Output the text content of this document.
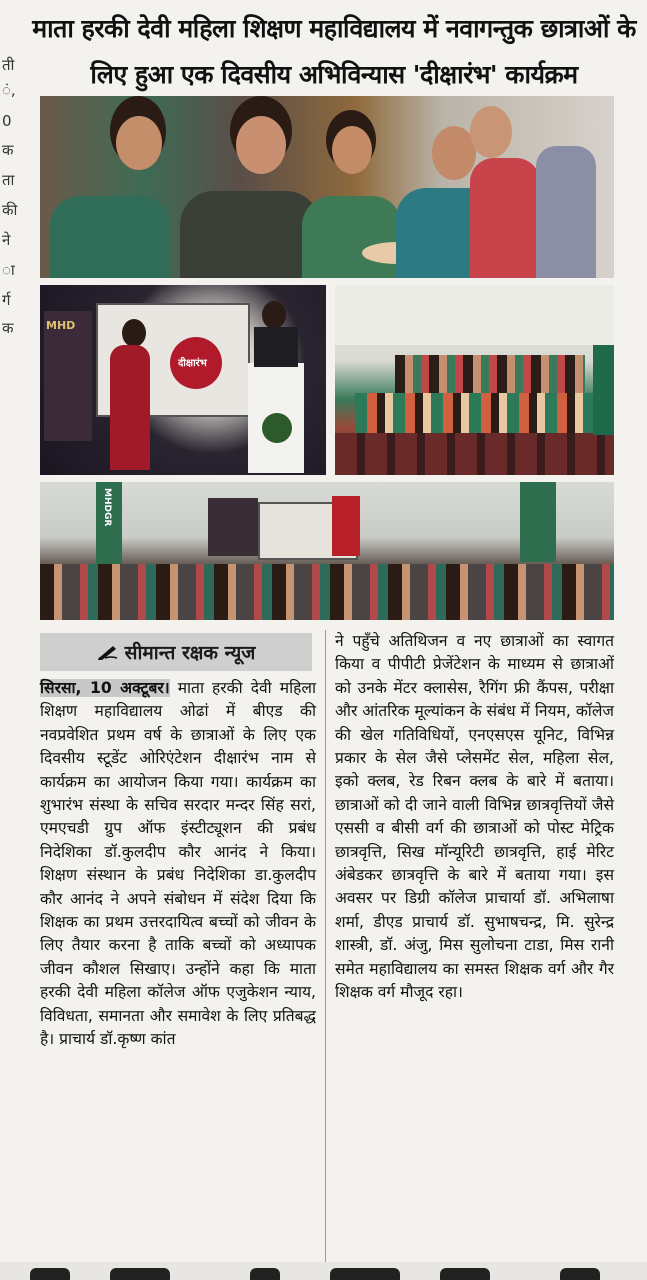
ती
ं,
0
क
ता
की
ने
ा
र्ग
क
माता हरकी देवी महिला शिक्षण महाविद्यालय में नवागन्तुक छात्राओं के
लिए हुआ एक दिवसीय अभिविन्यास 'दीक्षारंभ' कार्यक्रम
MHD
दीक्षारंभ
MHDGR
सीमान्त रक्षक न्यूज

सिरसा, 10 अक्टूबर। माता हरकी देवी महिला शिक्षण महाविद्यालय ओढां में बीएड की नवप्रवेशित प्रथम वर्ष के छात्राओं के लिए एक दिवसीय स्टूडेंट ओरिएंटेशन दीक्षारंभ नाम से कार्यक्रम का आयोजन किया गया। कार्यक्रम का शुभारंभ संस्था के सचिव सरदार मन्दर सिंह सरां, एमएचडी ग्रुप ऑफ इंस्टीट्यूशन की प्रबंध निदेशिका डॉ.कुलदीप कौर आनंद ने किया। शिक्षण संस्थान के प्रबंध निदेशिका डा.कुलदीप कौर आनंद ने अपने संबोधन में संदेश दिया कि शिक्षक का प्रथम उत्तरदायित्व बच्चों को जीवन के लिए तैयार करना है ताकि बच्चों को अध्यापक जीवन कौशल सिखाए। उन्होंने कहा कि माता हरकी देवी महिला कॉलेज ऑफ एजुकेशन न्याय, विविधता, समानता और समावेश के लिए प्रतिबद्ध है। प्राचार्य डॉ.कृष्ण कांत

ने पहुँचे अतिथिजन व नए छात्राओं का स्वागत किया व पीपीटी प्रेजेंटेशन के माध्यम से छात्राओं को उनके मेंटर क्लासेस, रैगिंग फ्री कैंपस, परीक्षा और आंतरिक मूल्यांकन के संबंध में नियम, कॉलेज की खेल गतिविधियों, एनएसएस यूनिट, विभिन्न प्रकार के सेल जैसे प्लेसमेंट सेल, महिला सेल, इको क्लब, रेड रिबन क्लब के बारे में बताया। छात्राओं को दी जाने वाली विभिन्न छात्रवृत्तियों जैसे एससी व बीसी वर्ग की छात्राओं को पोस्ट मेट्रिक छात्रवृत्ति, सिख मॉन्यूरिटी छात्रवृत्ति, हाई मेरिट अंबेडकर छात्रवृत्ति के बारे में बताया गया। इस अवसर पर डिग्री कॉलेज प्राचार्या डॉ. अभिलाषा शर्मा, डीएड प्राचार्य डॉ. सुभाषचन्द्र, मि. सुरेन्द्र शास्त्री, डॉ. अंजु, मिस सुलोचना टाडा, मिस रानी समेत महाविद्यालय का समस्त शिक्षक वर्ग और गैर शिक्षक वर्ग मौजूद रहा।
